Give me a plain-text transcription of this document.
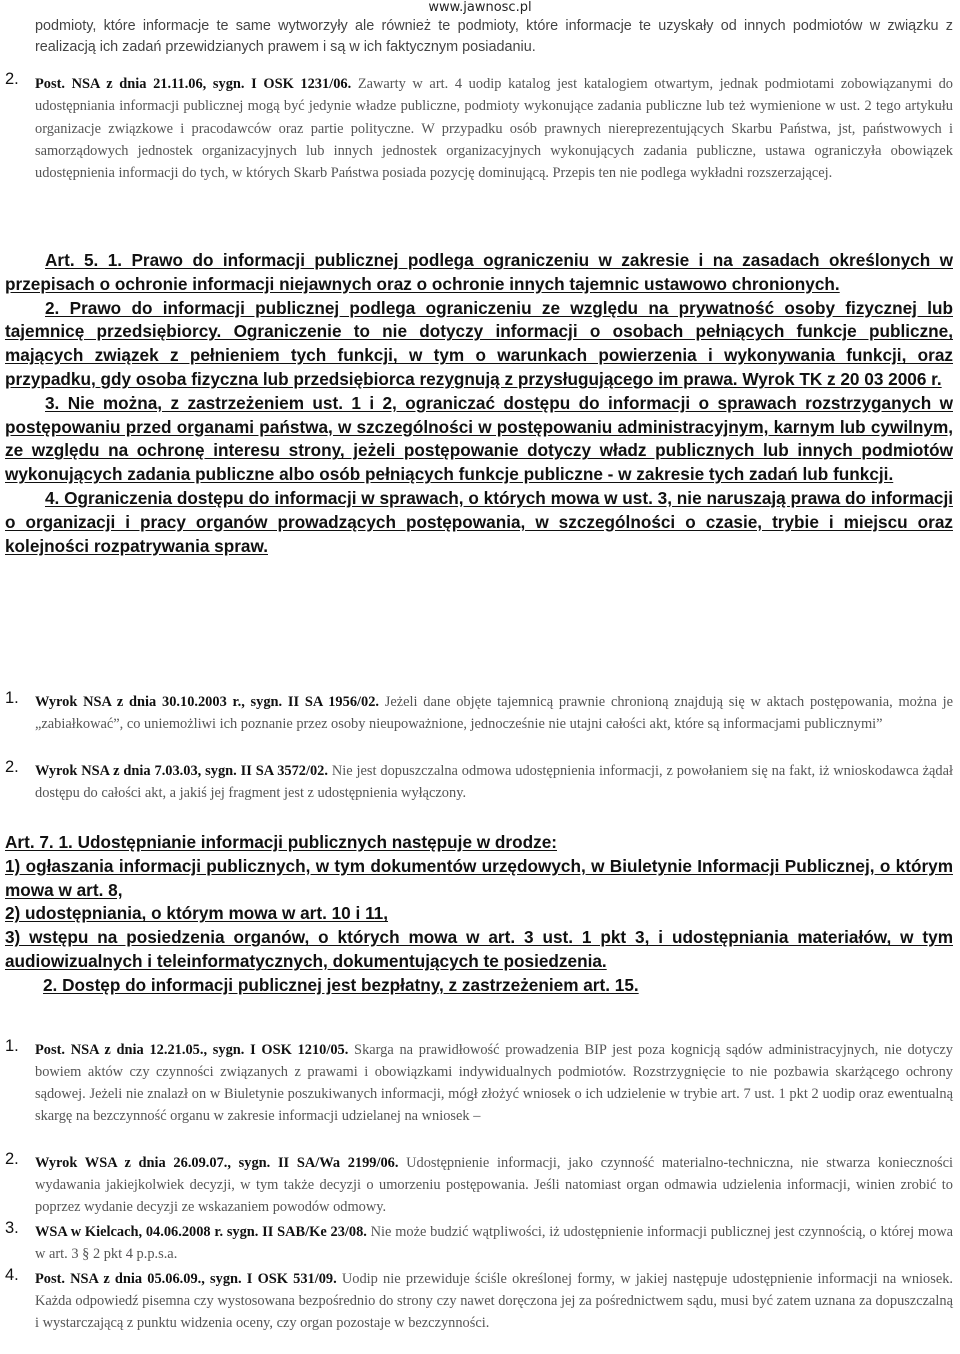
www.jawnosc.pl
podmioty, które informacje te same wytworzyły ale również te podmioty, które informacje te uzyskały od innych podmiotów w związku z realizacją ich zadań przewidzianych prawem i są w ich faktycznym posiadaniu.
2. Post. NSA z dnia 21.11.06, sygn. I OSK 1231/06. Zawarty w art. 4 uodip katalog jest katalogiem otwartym, jednak podmiotami zobowiązanymi do udostępniania informacji publicznej mogą być jedynie władze publiczne, podmioty wykonujące zadania publiczne lub też wymienione w ust. 2 tego artykułu organizacje związkowe i pracodawców oraz partie polityczne. W przypadku osób prawnych niereprezentujących Skarbu Państwa, jst, państwowych i samorządowych jednostek organizacyjnych lub innych jednostek organizacyjnych wykonujących zadania publiczne, ustawa ograniczyła obowiązek udostępnienia informacji do tych, w których Skarb Państwa posiada pozycję dominującą. Przepis ten nie podlega wykładni rozszerzającej.

Art. 5. 1. Prawo do informacji publicznej podlega ograniczeniu w zakresie i na zasadach określonych w przepisach o ochronie informacji niejawnych oraz o ochronie innych tajemnic ustawowo chronionych.

2. Prawo do informacji publicznej podlega ograniczeniu ze względu na prywatność osoby fizycznej lub tajemnicę przedsiębiorcy. Ograniczenie to nie dotyczy informacji o osobach pełniących funkcje publiczne, mających związek z pełnieniem tych funkcji, w tym o warunkach powierzenia i wykonywania funkcji, oraz przypadku, gdy osoba fizyczna lub przedsiębiorca rezygnują z przysługującego im prawa. Wyrok TK z 20 03 2006 r.

3. Nie można, z zastrzeżeniem ust. 1 i 2, ograniczać dostępu do informacji o sprawach rozstrzyganych w postępowaniu przed organami państwa, w szczególności w postępowaniu administracyjnym, karnym lub cywilnym, ze względu na ochronę interesu strony, jeżeli postępowanie dotyczy władz publicznych lub innych podmiotów wykonujących zadania publiczne albo osób pełniących funkcje publiczne - w zakresie tych zadań lub funkcji.

4. Ograniczenia dostępu do informacji w sprawach, o których mowa w ust. 3, nie naruszają prawa do informacji o organizacji i pracy organów prowadzących postępowania, w szczególności o czasie, trybie i miejscu oraz kolejności rozpatrywania spraw.

1. Wyrok NSA z dnia 30.10.2003 r., sygn. II SA 1956/02. Jeżeli dane objęte tajemnicą prawnie chronioną znajdują się w aktach postępowania, można je „zabiałkować”, co uniemożliwi ich poznanie przez osoby nieupoważnione, jednocześnie nie utajni całości akt, które są informacjami publicznymi”
2. Wyrok NSA z dnia 7.03.03, sygn. II SA 3572/02. Nie jest dopuszczalna odmowa udostępnienia informacji, z powołaniem się na fakt, iż wnioskodawca żądał dostępu do całości akt, a jakiś jej fragment jest z udostępnienia wyłączony.

Art. 7. 1. Udostępnianie informacji publicznych następuje w drodze:

1) ogłaszania informacji publicznych, w tym dokumentów urzędowych, w Biuletynie Informacji Publicznej, o którym mowa w art. 8,

2) udostępniania, o którym mowa w art. 10 i 11,

3) wstępu na posiedzenia organów, o których mowa w art. 3 ust. 1 pkt 3, i udostępniania materiałów, w tym audiowizualnych i teleinformatycznych, dokumentujących te posiedzenia.

2. Dostęp do informacji publicznej jest bezpłatny, z zastrzeżeniem art. 15.

1. Post. NSA z dnia 12.21.05., sygn. I OSK 1210/05. Skarga na prawidłowość prowadzenia BIP jest poza kognicją sądów administracyjnych, nie dotyczy bowiem aktów czy czynności związanych z prawami i obowiązkami indywidualnych podmiotów. Rozstrzygnięcie to nie pozbawia skarżącego ochrony sądowej. Jeżeli nie znalazł on w Biuletynie poszukiwanych informacji, mógł złożyć wniosek o ich udzielenie w trybie art. 7 ust. 1 pkt 2 uodip oraz ewentualną skargę na bezczynność organu w zakresie informacji udzielanej na wniosek –
2. Wyrok WSA z dnia 26.09.07., sygn. II SA/Wa 2199/06. Udostępnienie informacji, jako czynność materialno-techniczna, nie stwarza konieczności wydawania jakiejkolwiek decyzji, w tym także decyzji o umorzeniu postępowania. Jeśli natomiast organ odmawia udzielenia informacji, winien zrobić to poprzez wydanie decyzji ze wskazaniem powodów odmowy.
3. WSA w Kielcach, 04.06.2008 r. sygn. II SAB/Ke 23/08. Nie może budzić wątpliwości, iż udostępnienie informacji publicznej jest czynnością, o której mowa w art. 3 § 2 pkt 4 p.p.s.a.
4. Post. NSA z dnia 05.06.09., sygn. I OSK 531/09. Uodip nie przewiduje ściśle określonej formy, w jakiej następuje udostępnienie informacji na wniosek. Każda odpowiedź pisemna czy wystosowana bezpośrednio do strony czy nawet doręczona jej za pośrednictwem sądu, musi być zatem uznana za dopuszczalną i wystarczającą z punktu widzenia oceny, czy organ pozostaje w bezczynności.
